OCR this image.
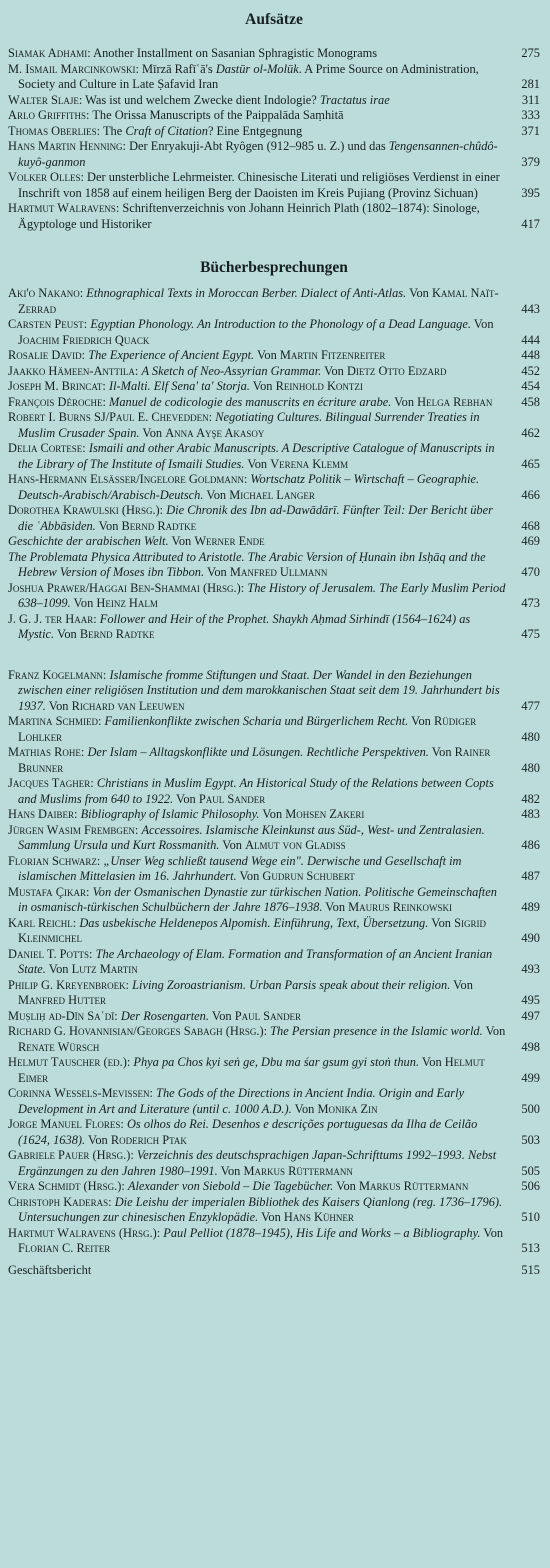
Aufsätze
Siamak Adhami: Another Installment on Sasanian Sphragistic Monograms	275
M. Ismail Marcinkowski: Mīrzā Rafīʿā's Dastūr ol-Molūk. A Prime Source on Administration, Society and Culture in Late Ṣafavid Iran	281
Walter Slaje: Was ist und welchem Zwecke dient Indologie? Tractatus irae	311
Arlo Griffiths: The Orissa Manuscripts of the Paippalāda Saṃhitā	333
Thomas Oberlies: The Craft of Citation? Eine Entgegnung	371
Hans Martin Henning: Der Enryakuji-Abt Ryôgen (912–985 u. Z.) und das Tengensannen-chûdô-kuyô-ganmon	379
Volker Olles: Der unsterbliche Lehrmeister. Chinesische Literati und religiöses Verdienst in einer Inschrift von 1858 auf einem heiligen Berg der Daoisten im Kreis Pujiang (Provinz Sichuan)	395
Hartmut Walravens: Schriftenverzeichnis von Johann Heinrich Plath (1802–1874): Sinologe, Ägyptologe und Historiker	417
Bücherbesprechungen
Aki'o Nakano: Ethnographical Texts in Moroccan Berber. Dialect of Anti-Atlas. Von Kamal Naït-Zerrad	443
Carsten Peust: Egyptian Phonology. An Introduction to the Phonology of a Dead Language. Von Joachim Friedrich Quack	444
Rosalie David: The Experience of Ancient Egypt. Von Martin Fitzenreiter	448
Jaakko Hämeen-Anttila: A Sketch of Neo-Assyrian Grammar. Von Dietz Otto Edzard	452
Joseph M. Brincat: Il-Malti. Elf Sena' ta' Storja. Von Reinhold Kontzi	454
François Déroche: Manuel de codicologie des manuscrits en écriture arabe. Von Helga Rebhan 458
Robert I. Burns SJ/Paul E. Chevedden: Negotiating Cultures. Bilingual Surrender Treaties in Muslim Crusader Spain. Von Anna Ayşe Akasoy	462
Delia Cortese: Ismaili and other Arabic Manuscripts. A Descriptive Catalogue of Manuscripts in the Library of The Institute of Ismaili Studies. Von Verena Klemm	465
Hans-Hermann Elsässer/Ingelore Goldmann: Wortschatz Politik – Wirtschaft – Geographie. Deutsch-Arabisch/Arabisch-Deutsch. Von Michael Langer	466
Dorothea Krawulski (Hrsg.): Die Chronik des Ibn ad-Dawādārī. Fünfter Teil: Der Bericht über die ʿAbbāsiden. Von Bernd Radtke	468
Geschichte der arabischen Welt. Von Werner Ende	469
The Problemata Physica Attributed to Aristotle. The Arabic Version of Ḥunain ibn Isḥāq and the Hebrew Version of Moses ibn Tibbon. Von Manfred Ullmann	470
Joshua Prawer/Haggai Ben-Shammai (Hrsg.): The History of Jerusalem. The Early Muslim Period 638–1099. Von Heinz Halm	473
J. G. J. ter Haar: Follower and Heir of the Prophet. Shaykh Aḥmad Sirhindī (1564–1624) as Mystic. Von Bernd Radtke	475
Franz Kogelmann: Islamische fromme Stiftungen und Staat. Der Wandel in den Beziehungen zwischen einer religiösen Institution und dem marokkanischen Staat seit dem 19. Jahrhundert bis 1937. Von Richard van Leeuwen	477
Martina Schmied: Familienkonflikte zwischen Scharia und Bürgerlichem Recht. Von Rüdiger Lohlker	480
Mathias Rohe: Der Islam – Alltagskonflikte und Lösungen. Rechtliche Perspektiven. Von Rainer Brunner	480
Jacques Tagher: Christians in Muslim Egypt. An Historical Study of the Relations between Copts and Muslims from 640 to 1922. Von Paul Sander	482
Hans Daiber: Bibliography of Islamic Philosophy. Von Mohsen Zakeri	483
Jürgen Wasim Frembgen: Accessoires. Islamische Kleinkunst aus Süd-, West- und Zentralasien. Sammlung Ursula und Kurt Rossmanith. Von Almut von Gladiss	486
Florian Schwarz: „Unser Weg schließt tausend Wege ein". Derwische und Gesellschaft im islamischen Mittelasien im 16. Jahrhundert. Von Gudrun Schubert	487
Mustafa Çikar: Von der Osmanischen Dynastie zur türkischen Nation. Politische Gemeinschaften in osmanisch-türkischen Schulbüchern der Jahre 1876–1938. Von Maurus Reinkowski	489
Karl Reichl: Das usbekische Heldenepos Alpomish. Einführung, Text, Übersetzung. Von Sigrid Kleinmichel	490
Daniel T. Potts: The Archaeology of Elam. Formation and Transformation of an Ancient Iranian State. Von Lutz Martin	493
Philip G. Kreyenbroek: Living Zoroastrianism. Urban Parsis speak about their religion. Von Manfred Hutter	495
Muṣliḥ ad-Dīn Saʿdī: Der Rosengarten. Von Paul Sander	497
Richard G. Hovannisian/Georges Sabagh (Hrsg.): The Persian presence in the Islamic world. Von Renate Würsch	498
Helmut Tauscher (ed.): Phya pa Chos kyi seṅ ge, Dbu ma śar gsum gyi stoṅ thun. Von Helmut Eimer	499
Corinna Wessels-Mevissen: The Gods of the Directions in Ancient India. Origin and Early Development in Art and Literature (until c. 1000 A.D.). Von Monika Zin	500
Jorge Manuel Flores: Os olhos do Rei. Desenhos e descrições portuguesas da Ilha de Ceilão (1624, 1638). Von Roderich Ptak	503
Gabriele Pauer (Hrsg.): Verzeichnis des deutschsprachigen Japan-Schrifttums 1992–1993. Nebst Ergänzungen zu den Jahren 1980–1991. Von Markus Rüttermann	505
Vera Schmidt (Hrsg.): Alexander von Siebold – Die Tagebücher. Von Markus Rüttermann	506
Christoph Kaderas: Die Leishu der imperialen Bibliothek des Kaisers Qianlong (reg. 1736–1796). Untersuchungen zur chinesischen Enzyklopädie. Von Hans Kühner	510
Hartmut Walravens (Hrsg.): Paul Pelliot (1878–1945), His Life and Works – a Bibliography. Von Florian C. Reiter	513
Geschäftsbericht	515
